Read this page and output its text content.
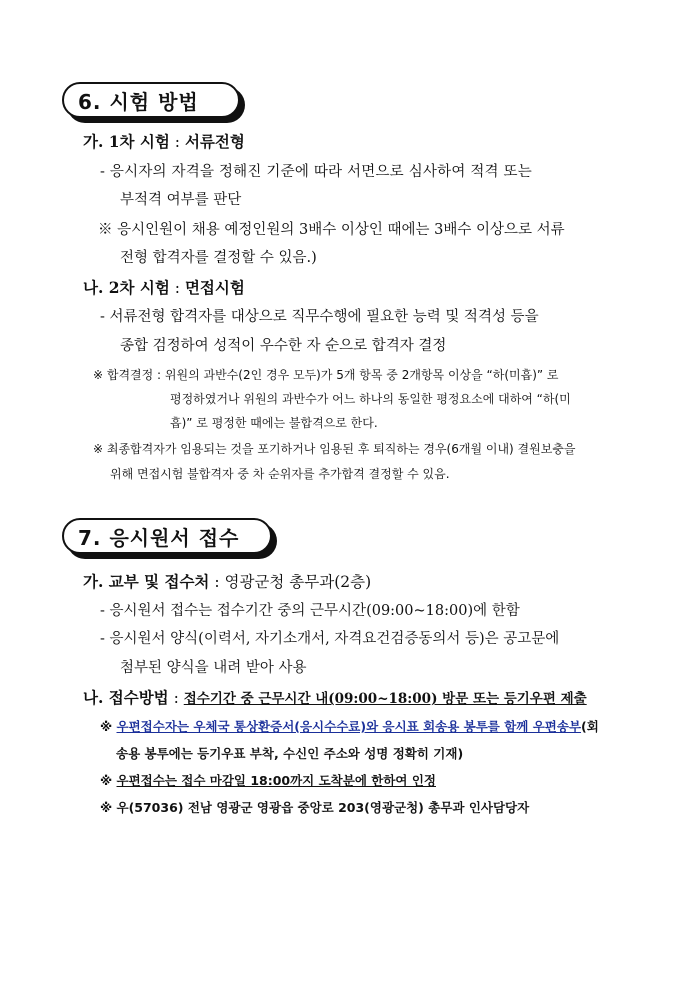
6. 시험 방법
가. 1차 시험 : 서류전형
- 응시자의 자격을 정해진 기준에 따라 서면으로 심사하여 적격 또는
부적격 여부를 판단
※ 응시인원이 채용 예정인원의 3배수 이상인 때에는 3배수 이상으로 서류
전형 합격자를 결정할 수 있음.)
나. 2차 시험 : 면접시험
- 서류전형 합격자를 대상으로 직무수행에 필요한 능력 및 적격성 등을
종합 검정하여 성적이 우수한 자 순으로 합격자 결정
※ 합격결정 : 위원의 과반수(2인 경우 모두)가 5개 항목 중 2개항목 이상을 “하(미흡)” 로
평정하였거나 위원의 과반수가 어느 하나의 동일한 평정요소에 대하여 “하(미
흡)” 로 평정한 때에는 불합격으로 한다.
※ 최종합격자가 임용되는 것을 포기하거나 임용된 후 퇴직하는 경우(6개월 이내) 결원보충을
위해 면접시험 불합격자 중 차 순위자를 추가합격 결정할 수 있음.
7. 응시원서 접수
가. 교부 및 접수처 : 영광군청 총무과(2층)
- 응시원서 접수는 접수기간 중의 근무시간(09:00~18:00)에 한함
- 응시원서 양식(이력서, 자기소개서, 자격요건검증동의서 등)은 공고문에
첨부된 양식을 내려 받아 사용
나. 접수방법 : 접수기간 중 근무시간 내(09:00~18:00) 방문 또는 등기우편 제출
※ 우편접수자는 우체국 통상환증서(응시수수료)와 응시표 회송용 봉투를 함께 우편송부(회
송용 봉투에는 등기우표 부착, 수신인 주소와 성명 정확히 기재)
※ 우편접수는 접수 마감일 18:00까지 도착분에 한하여 인정
※ 우(57036) 전남 영광군 영광읍 중앙로 203(영광군청) 총무과 인사담당자
